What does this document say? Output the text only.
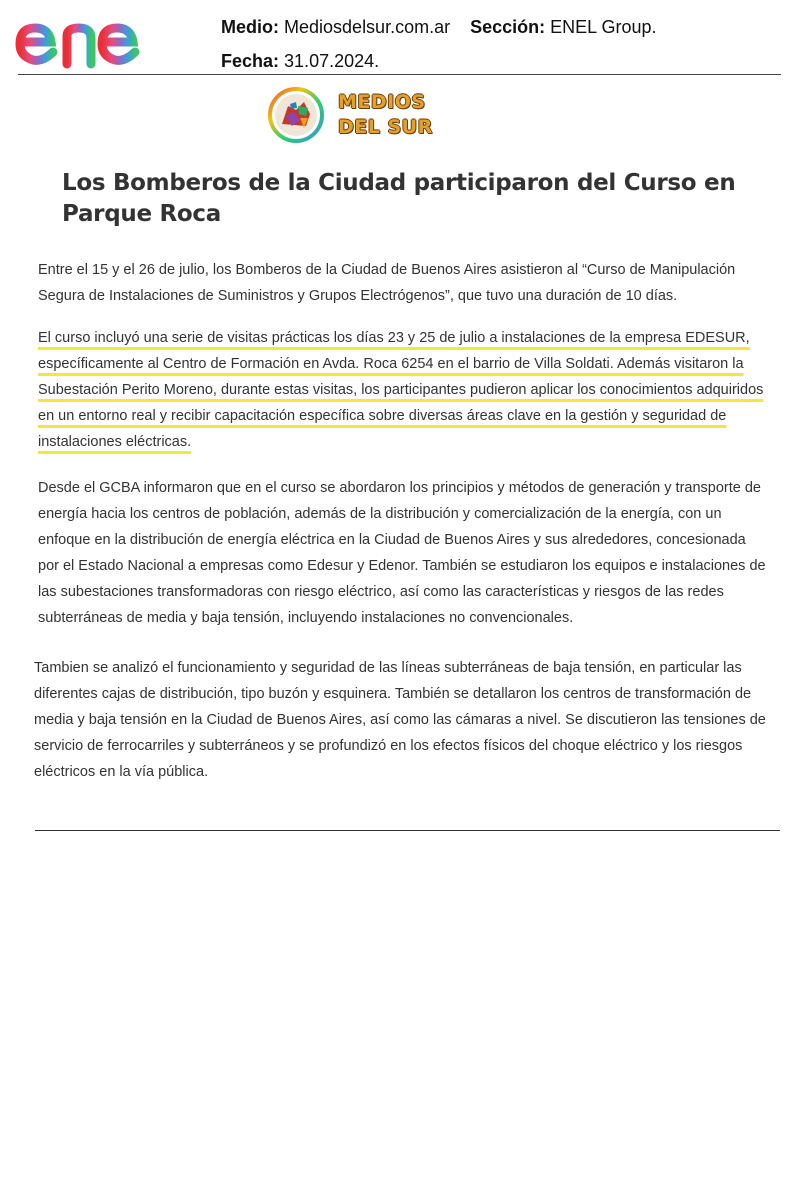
Medio: Mediosdelsur.com.ar Sección: ENEL Group.
Fecha: 31.07.2024.
MEDIOS
DEL SUR
Los Bomberos de la Ciudad participaron del Curso en Parque Roca

Entre el 15 y el 26 de julio, los Bomberos de la Ciudad de Buenos Aires asistieron al “Curso de Manipulación Segura de Instalaciones de Suministros y Grupos Electrógenos”, que tuvo una duración de 10 días.

El curso incluyó una serie de visitas prácticas los días 23 y 25 de julio a instalaciones de la empresa EDESUR, específicamente al Centro de Formación en Avda. Roca 6254 en el barrio de Villa Soldati. Además visitaron la Subestación Perito Moreno, durante estas visitas, los participantes pudieron aplicar los conocimientos adquiridos en un entorno real y recibir capacitación específica sobre diversas áreas clave en la gestión y seguridad de instalaciones eléctricas.

Desde el GCBA informaron que en el curso se abordaron los principios y métodos de generación y transporte de energía hacia los centros de población, además de la distribución y comercialización de la energía, con un enfoque en la distribución de energía eléctrica en la Ciudad de Buenos Aires y sus alrededores, concesionada por el Estado Nacional a empresas como Edesur y Edenor. También se estudiaron los equipos e instalaciones de las subestaciones transformadoras con riesgo eléctrico, así como las características y riesgos de las redes subterráneas de media y baja tensión, incluyendo instalaciones no convencionales.

Tambien se analizó el funcionamiento y seguridad de las líneas subterráneas de baja tensión, en particular las diferentes cajas de distribución, tipo buzón y esquinera. También se detallaron los centros de transformación de media y baja tensión en la Ciudad de Buenos Aires, así como las cámaras a nivel. Se discutieron las tensiones de servicio de ferrocarriles y subterráneos y se profundizó en los efectos físicos del choque eléctrico y los riesgos eléctricos en la vía pública.
